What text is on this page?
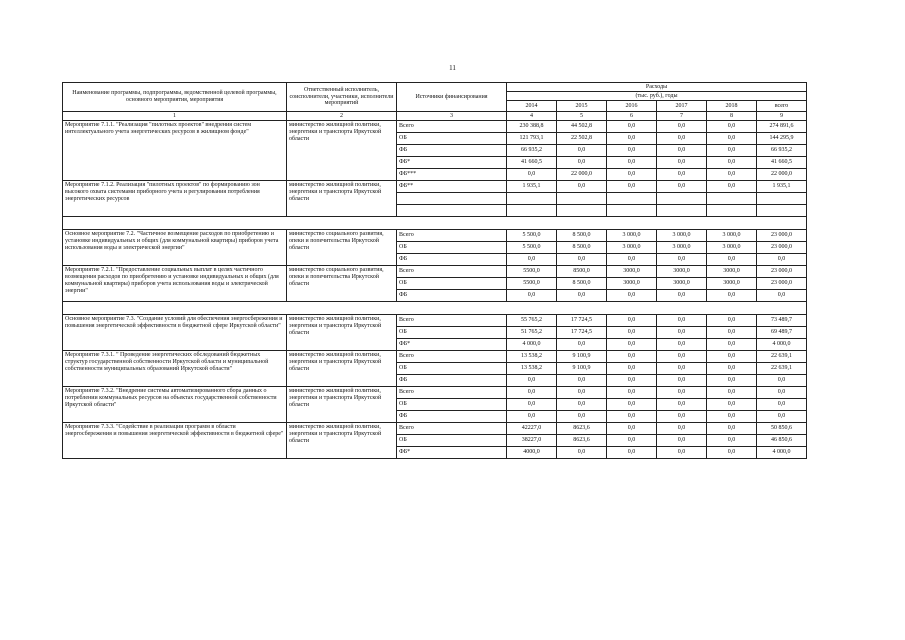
11
Наименование программы, подпрограммы, ведомственной целевой программы, основного мероприятия, мероприятия	Ответственный исполнитель, соисполнители, участники, исполнители мероприятий	Источники финансирования	Расходы					
			(тыс. руб.), годы					
			2014	2015	2016	2017	2018	всего
1	2	3	4	5	6	7	8	9
Мероприятие 7.1.1. "Реализация "пилотных проектов" внедрения систем интеллектуального учета энергетических ресурсов в жилищном фонде"	министерство жилищной политики, энергетики и транспорта Иркутской области	Всего	230 388,8	44 502,8	0,0	0,0	0,0	274 891,6
		ОБ	121 793,1	22 502,8	0,0	0,0	0,0	144 295,9
		ФБ	66 935,2	0,0	0,0	0,0	0,0	66 935,2
		ФБ*	41 660,5	0,0	0,0	0,0	0,0	41 660,5
		ФБ***	0,0	22 000,0	0,0	0,0	0,0	22 000,0
Мероприятие 7.1.2. Реализация "пилотных проектов" по формированию зон высокого охвата системами приборного учета и регулирования потребления энергетических ресурсов	министерство жилищной политики, энергетики и транспорта Иркутской области	ФБ**	1 935,1	0,0	0,0	0,0	0,0	1 935,1

Основное мероприятие 7.2. "Частичное возмещение расходов по приобретению и установке индивидуальных и общих (для коммунальной квартиры) приборов учета использования воды и электрической энергии"	министерство социального развития, опеки и попечительства Иркутской области	Всего	5 500,0	8 500,0	3 000,0	3 000,0	3 000,0	23 000,0
		ОБ	5 500,0	8 500,0	3 000,0	3 000,0	3 000,0	23 000,0
		ФБ	0,0	0,0	0,0	0,0	0,0	0,0
Мероприятие 7.2.1. "Предоставление социальных выплат в целях частичного возмещения расходов по приобретению и установке индивидуальных и общих (для коммунальной квартиры) приборов учета использования воды и электрической энергии"	министерство социального развития, опеки и попечительства Иркутской области	Всего	5500,0	8500,0	3000,0	3000,0	3000,0	23 000,0
		ОБ	5500,0	8 500,0	3000,0	3000,0	3000,0	23 000,0
		ФБ	0,0	0,0	0,0	0,0	0,0	0,0

Основное мероприятие 7.3. "Создание условий для обеспечения энергосбережения и повышения энергетической эффективности в бюджетной сфере Иркутской области"	министерство жилищной политики, энергетики и транспорта Иркутской области	Всего	55 765,2	17 724,5	0,0	0,0	0,0	73 489,7
		ОБ	51 765,2	17 724,5	0,0	0,0	0,0	69 489,7
		ФБ*	4 000,0	0,0	0,0	0,0	0,0	4 000,0
Мероприятие 7.3.1. " Проведение энергетических обследований бюджетных структур государственной собственности Иркутской области и муниципальной собственности муниципальных образований Иркутской области"	министерство жилищной политики, энергетики и транспорта Иркутской области	Всего	13 538,2	9 100,9	0,0	0,0	0,0	22 639,1
		ОБ	13 538,2	9 100,9	0,0	0,0	0,0	22 639,1
		ФБ	0,0	0,0	0,0	0,0	0,0	0,0
Мероприятие 7.3.2. "Внедрение системы автоматизированного сбора данных о потреблении коммунальных ресурсов на объектах государственной собственности Иркутской области"	министерство жилищной политики, энергетики и транспорта Иркутской области	Всего	0,0	0,0	0,0	0,0	0,0	0,0
		ОБ	0,0	0,0	0,0	0,0	0,0	0,0
		ФБ	0,0	0,0	0,0	0,0	0,0	0,0
Мероприятие 7.3.3. "Содействие в реализации программ в области энергосбережения и повышения энергетической эффективности в бюджетной сфере"	министерство жилищной политики, энергетики и транспорта Иркутской области	Всего	42227,0	8623,6	0,0	0,0	0,0	50 850,6
		ОБ	38227,0	8623,6	0,0	0,0	0,0	46 850,6
		ФБ*	4000,0	0,0	0,0	0,0	0,0	4 000,0
